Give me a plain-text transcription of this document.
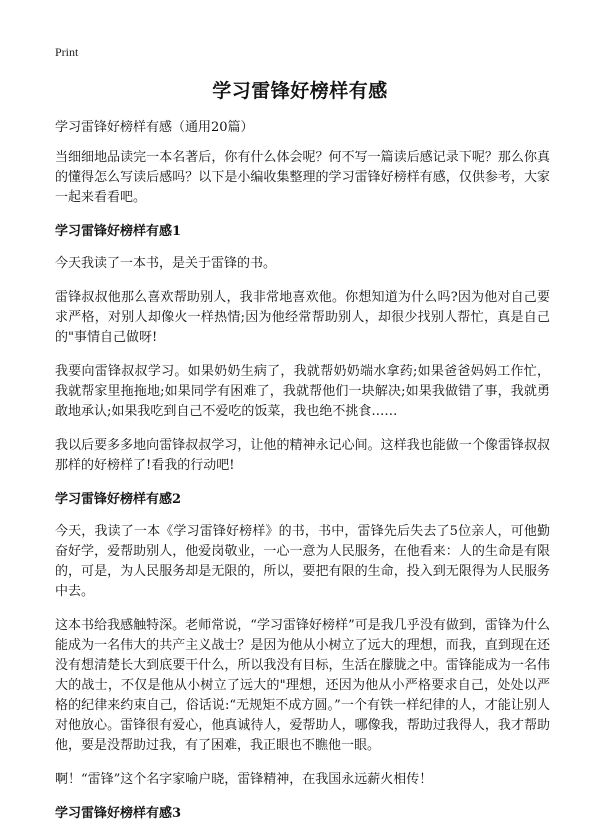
Print
学习雷锋好榜样有感
学习雷锋好榜样有感（通用20篇）

当细细地品读完一本名著后，你有什么体会呢？何不写一篇读后感记录下呢？那么你真的懂得怎么写读后感吗？以下是小编收集整理的学习雷锋好榜样有感，仅供参考，大家一起来看看吧。

学习雷锋好榜样有感1

今天我读了一本书，是关于雷锋的书。

雷锋叔叔他那么喜欢帮助别人，我非常地喜欢他。你想知道为什么吗?因为他对自己要求严格，对别人却像火一样热情;因为他经常帮助别人，却很少找别人帮忙，真是自己的"事情自己做呀!

我要向雷锋叔叔学习。如果奶奶生病了，我就帮奶奶端水拿药;如果爸爸妈妈工作忙，我就帮家里拖拖地;如果同学有困难了，我就帮他们一块解决;如果我做错了事，我就勇敢地承认;如果我吃到自己不爱吃的饭菜，我也绝不挑食……

我以后要多多地向雷锋叔叔学习，让他的精神永记心间。这样我也能做一个像雷锋叔叔那样的好榜样了!看我的行动吧!

学习雷锋好榜样有感2

今天，我读了一本《学习雷锋好榜样》的书，书中，雷锋先后失去了5位亲人，可他勤奋好学，爱帮助别人，他爱岗敬业，一心一意为人民服务，在他看来：人的生命是有限的，可是，为人民服务却是无限的，所以，要把有限的生命，投入到无限得为人民服务中去。

这本书给我感触特深。老师常说，“学习雷锋好榜样”可是我几乎没有做到，雷锋为什么能成为一名伟大的共产主义战士？是因为他从小树立了远大的理想，而我，直到现在还没有想清楚长大到底要干什么，所以我没有目标，生活在朦胧之中。雷锋能成为一名伟大的战士，不仅是他从小树立了远大的"理想，还因为他从小严格要求自己，处处以严格的纪律来约束自己，俗话说:“无规矩不成方圆。”一个有铁一样纪律的人，才能让别人对他放心。雷锋很有爱心，他真诚待人，爱帮助人，哪像我，帮助过我得人，我才帮助他，要是没帮助过我，有了困难，我正眼也不瞧他一眼。

啊！“雷锋”这个名字家喻户晓，雷锋精神，在我国永远薪火相传！

学习雷锋好榜样有感3
